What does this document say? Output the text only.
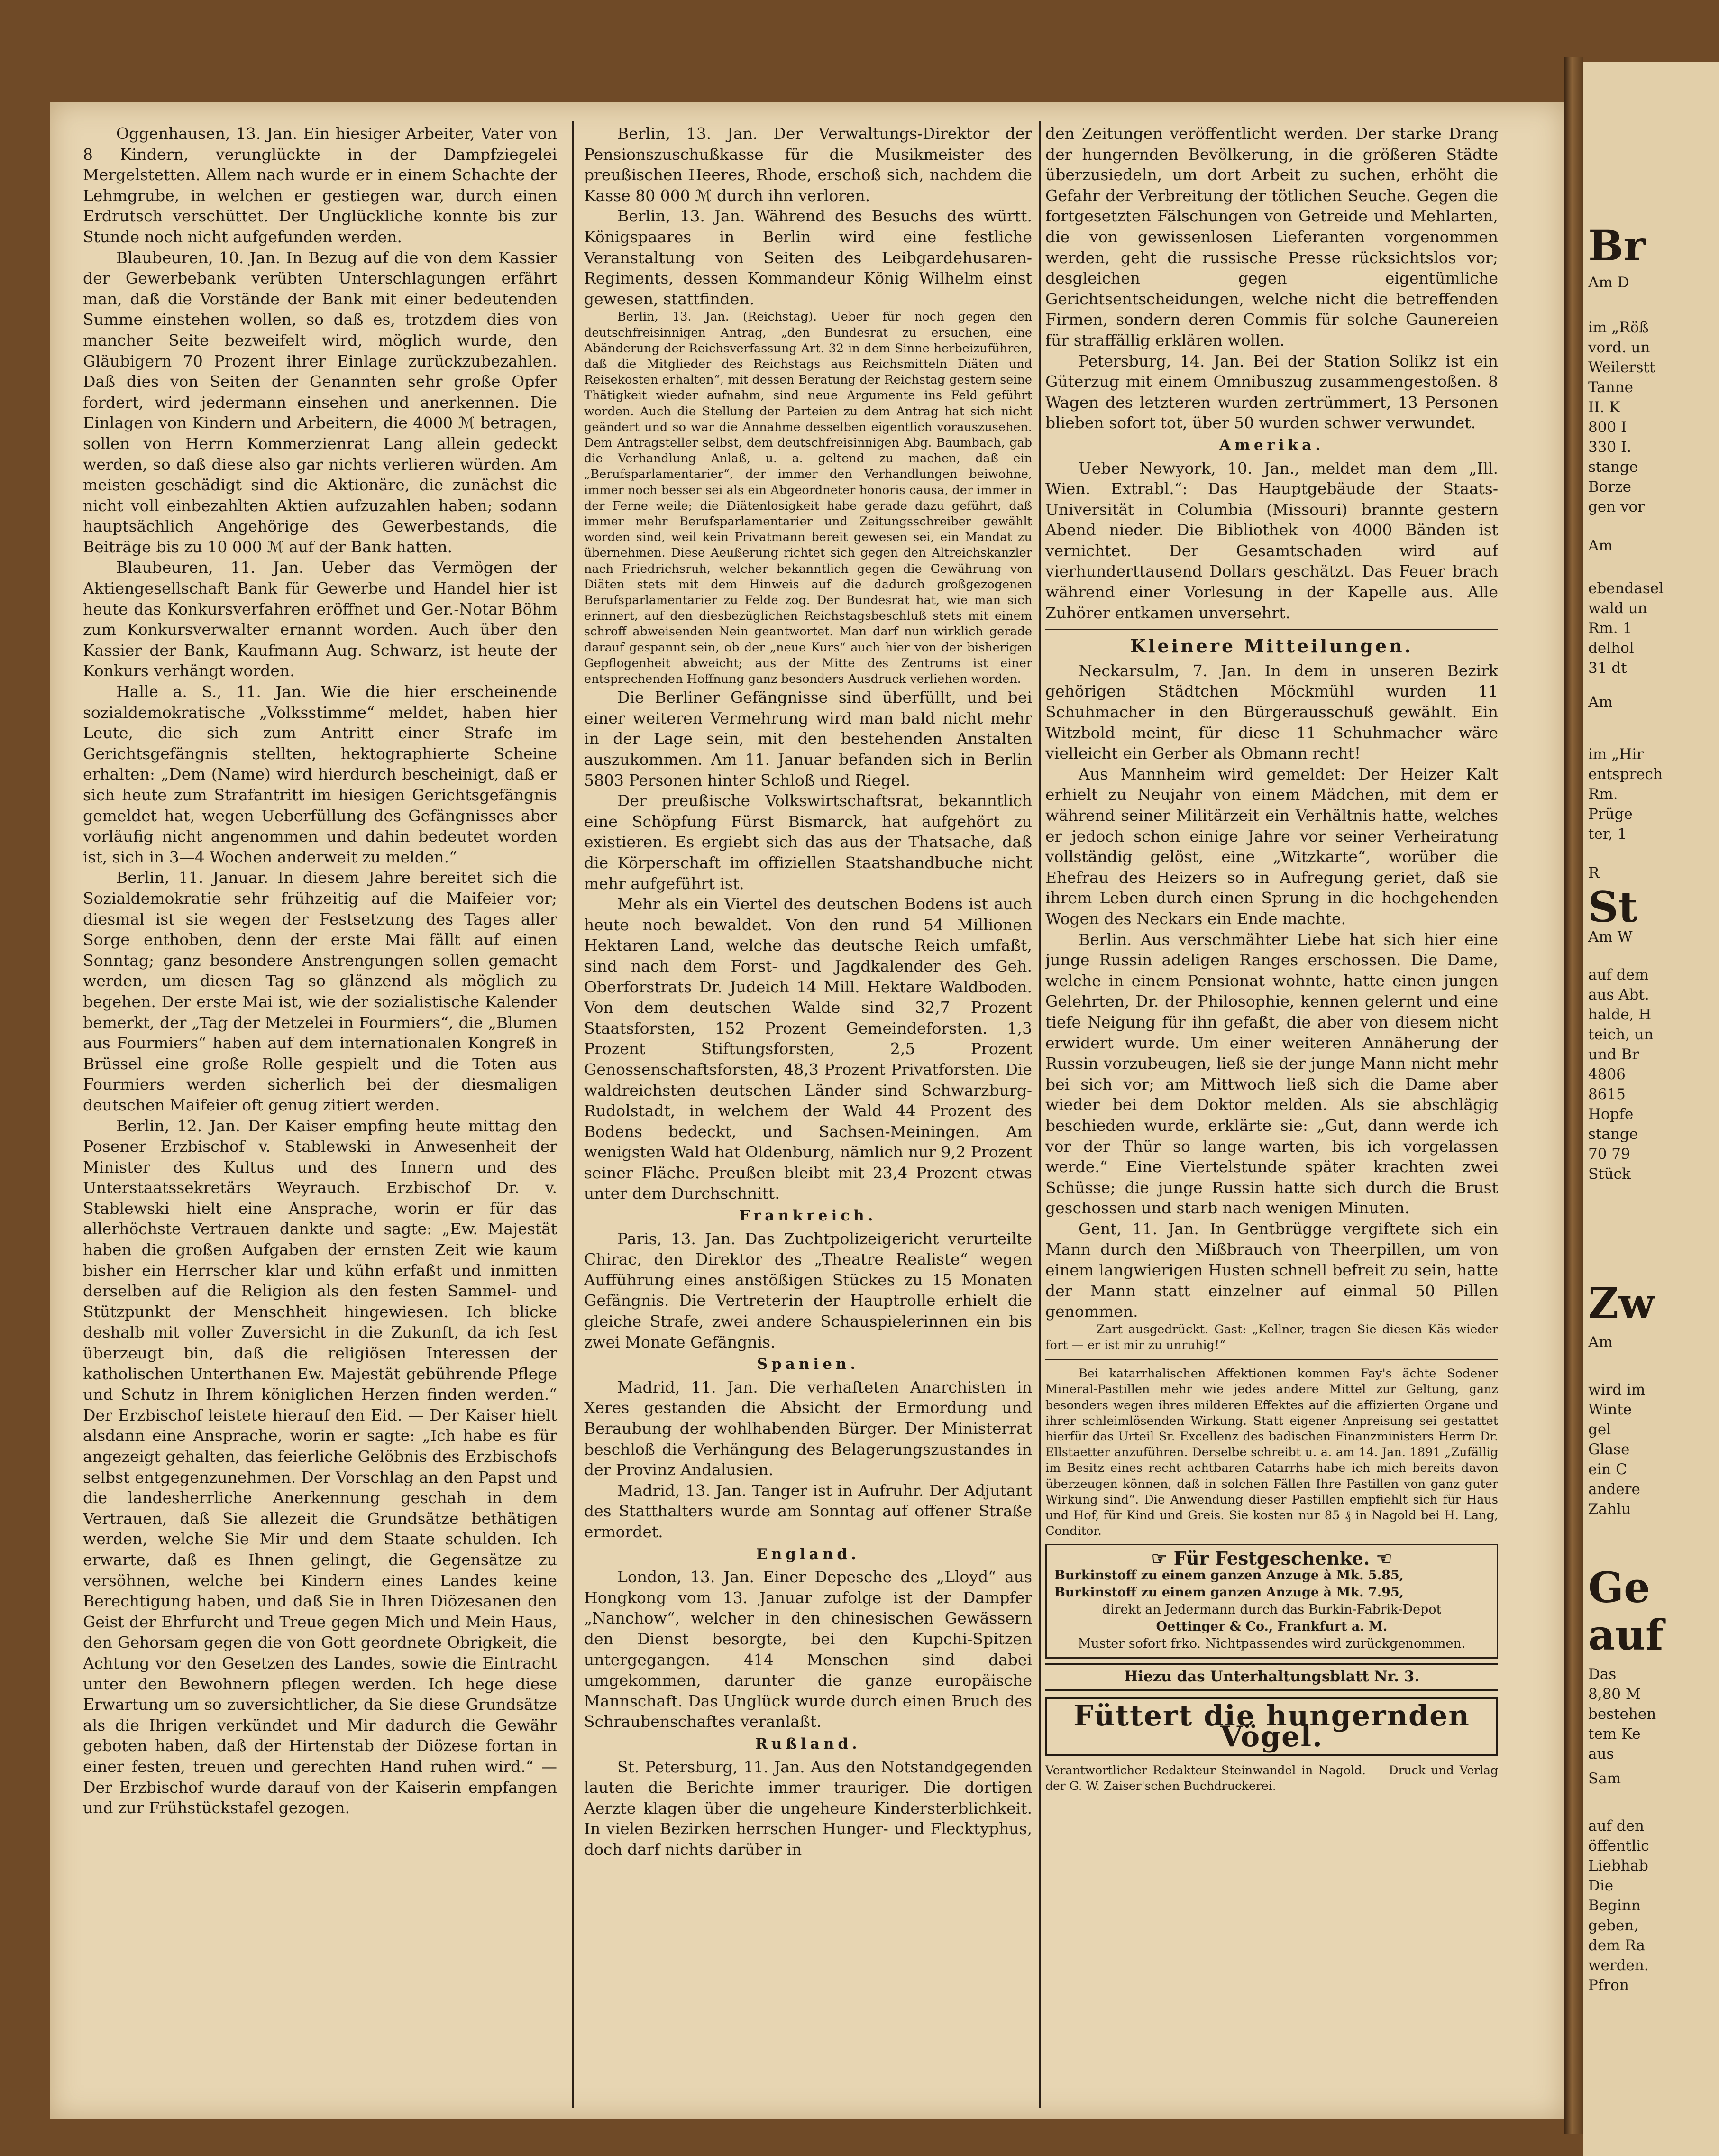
Oggenhausen, 13. Jan. Ein hiesiger Arbeiter, Vater von 8 Kindern, verunglückte in der Dampfziegelei Mergelstetten. Allem nach wurde er in einem Schachte der Lehmgrube, in welchen er gestiegen war, durch einen Erdrutsch verschüttet. Der Unglückliche konnte bis zur Stunde noch nicht aufgefunden werden.

Blaubeuren, 10. Jan. In Bezug auf die von dem Kassier der Gewerbebank verübten Unterschlagungen erfährt man, daß die Vorstände der Bank mit einer bedeutenden Summe einstehen wollen, so daß es, trotzdem dies von mancher Seite bezweifelt wird, möglich wurde, den Gläubigern 70 Prozent ihrer Einlage zurückzubezahlen. Daß dies von Seiten der Genannten sehr große Opfer fordert, wird jedermann einsehen und anerkennen. Die Einlagen von Kindern und Arbeitern, die 4000 ℳ betragen, sollen von Herrn Kommerzienrat Lang allein gedeckt werden, so daß diese also gar nichts verlieren würden. Am meisten geschädigt sind die Aktionäre, die zunächst die nicht voll einbezahlten Aktien aufzuzahlen haben; sodann hauptsächlich Angehörige des Gewerbestands, die Beiträge bis zu 10 000 ℳ auf der Bank hatten.

Blaubeuren, 11. Jan. Ueber das Vermögen der Aktiengesellschaft Bank für Gewerbe und Handel hier ist heute das Konkursverfahren eröffnet und Ger.-Notar Böhm zum Konkursverwalter ernannt worden. Auch über den Kassier der Bank, Kaufmann Aug. Schwarz, ist heute der Konkurs verhängt worden.

Halle a. S., 11. Jan. Wie die hier erscheinende sozialdemokratische „Volksstimme“ meldet, haben hier Leute, die sich zum Antritt einer Strafe im Gerichtsgefängnis stellten, hektographierte Scheine erhalten: „Dem (Name) wird hierdurch bescheinigt, daß er sich heute zum Strafantritt im hiesigen Gerichtsgefängnis gemeldet hat, wegen Ueberfüllung des Gefängnisses aber vorläufig nicht angenommen und dahin bedeutet worden ist, sich in 3—4 Wochen anderweit zu melden.“

Berlin, 11. Januar. In diesem Jahre bereitet sich die Sozialdemokratie sehr frühzeitig auf die Maifeier vor; diesmal ist sie wegen der Festsetzung des Tages aller Sorge enthoben, denn der erste Mai fällt auf einen Sonntag; ganz besondere Anstrengungen sollen gemacht werden, um diesen Tag so glänzend als möglich zu begehen. Der erste Mai ist, wie der sozialistische Kalender bemerkt, der „Tag der Metzelei in Fourmiers“, die „Blumen aus Fourmiers“ haben auf dem internationalen Kongreß in Brüssel eine große Rolle gespielt und die Toten aus Fourmiers werden sicherlich bei der diesmaligen deutschen Maifeier oft genug zitiert werden.

Berlin, 12. Jan. Der Kaiser empfing heute mittag den Posener Erzbischof v. Stablewski in Anwesenheit der Minister des Kultus und des Innern und des Unterstaatssekretärs Weyrauch. Erzbischof Dr. v. Stablewski hielt eine Ansprache, worin er für das allerhöchste Vertrauen dankte und sagte: „Ew. Majestät haben die großen Aufgaben der ernsten Zeit wie kaum bisher ein Herrscher klar und kühn erfaßt und inmitten derselben auf die Religion als den festen Sammel- und Stützpunkt der Menschheit hingewiesen. Ich blicke deshalb mit voller Zuversicht in die Zukunft, da ich fest überzeugt bin, daß die religiösen Interessen der katholischen Unterthanen Ew. Majestät gebührende Pflege und Schutz in Ihrem königlichen Herzen finden werden.“ Der Erzbischof leistete hierauf den Eid. — Der Kaiser hielt alsdann eine Ansprache, worin er sagte: „Ich habe es für angezeigt gehalten, das feierliche Gelöbnis des Erzbischofs selbst entgegenzunehmen. Der Vorschlag an den Papst und die landesherrliche Anerkennung geschah in dem Vertrauen, daß Sie allezeit die Grundsätze bethätigen werden, welche Sie Mir und dem Staate schulden. Ich erwarte, daß es Ihnen gelingt, die Gegensätze zu versöhnen, welche bei Kindern eines Landes keine Berechtigung haben, und daß Sie in Ihren Diözesanen den Geist der Ehrfurcht und Treue gegen Mich und Mein Haus, den Gehorsam gegen die von Gott geordnete Obrigkeit, die Achtung vor den Gesetzen des Landes, sowie die Eintracht unter den Bewohnern pflegen werden. Ich hege diese Erwartung um so zuversichtlicher, da Sie diese Grundsätze als die Ihrigen verkündet und Mir dadurch die Gewähr geboten haben, daß der Hirtenstab der Diözese fortan in einer festen, treuen und gerechten Hand ruhen wird.“ — Der Erzbischof wurde darauf von der Kaiserin empfangen und zur Frühstückstafel gezogen.

Berlin, 13. Jan. Der Verwaltungs-Direktor der Pensionszuschußkasse für die Musikmeister des preußischen Heeres, Rhode, erschoß sich, nachdem die Kasse 80 000 ℳ durch ihn verloren.

Berlin, 13. Jan. Während des Besuchs des württ. Königspaares in Berlin wird eine festliche Veranstaltung von Seiten des Leibgardehusaren-Regiments, dessen Kommandeur König Wilhelm einst gewesen, stattfinden.

Berlin, 13. Jan. (Reichstag). Ueber für noch gegen den deutschfreisinnigen Antrag, „den Bundesrat zu ersuchen, eine Abänderung der Reichsverfassung Art. 32 in dem Sinne herbeizuführen, daß die Mitglieder des Reichstags aus Reichsmitteln Diäten und Reisekosten erhalten“, mit dessen Beratung der Reichstag gestern seine Thätigkeit wieder aufnahm, sind neue Argumente ins Feld geführt worden. Auch die Stellung der Parteien zu dem Antrag hat sich nicht geändert und so war die Annahme desselben eigentlich vorauszusehen. Dem Antragsteller selbst, dem deutschfreisinnigen Abg. Baumbach, gab die Verhandlung Anlaß, u. a. geltend zu machen, daß ein „Berufsparlamentarier“, der immer den Verhandlungen beiwohne, immer noch besser sei als ein Abgeordneter honoris causa, der immer in der Ferne weile; die Diätenlosigkeit habe gerade dazu geführt, daß immer mehr Berufsparlamentarier und Zeitungsschreiber gewählt worden sind, weil kein Privatmann bereit gewesen sei, ein Mandat zu übernehmen. Diese Aeußerung richtet sich gegen den Altreichskanzler nach Friedrichsruh, welcher bekanntlich gegen die Gewährung von Diäten stets mit dem Hinweis auf die dadurch großgezogenen Berufsparlamentarier zu Felde zog. Der Bundesrat hat, wie man sich erinnert, auf den diesbezüglichen Reichstagsbeschluß stets mit einem schroff abweisenden Nein geantwortet. Man darf nun wirklich gerade darauf gespannt sein, ob der „neue Kurs“ auch hier von der bisherigen Gepflogenheit abweicht; aus der Mitte des Zentrums ist einer entsprechenden Hoffnung ganz besonders Ausdruck verliehen worden.

Die Berliner Gefängnisse sind überfüllt, und bei einer weiteren Vermehrung wird man bald nicht mehr in der Lage sein, mit den bestehenden Anstalten auszukommen. Am 11. Januar befanden sich in Berlin 5803 Personen hinter Schloß und Riegel.

Der preußische Volkswirtschaftsrat, bekanntlich eine Schöpfung Fürst Bismarck, hat aufgehört zu existieren. Es ergiebt sich das aus der Thatsache, daß die Körperschaft im offiziellen Staatshandbuche nicht mehr aufgeführt ist.

Mehr als ein Viertel des deutschen Bodens ist auch heute noch bewaldet. Von den rund 54 Millionen Hektaren Land, welche das deutsche Reich umfaßt, sind nach dem Forst- und Jagdkalender des Geh. Oberforstrats Dr. Judeich 14 Mill. Hektare Waldboden. Von dem deutschen Walde sind 32,7 Prozent Staatsforsten, 152 Prozent Gemeindeforsten. 1,3 Prozent Stiftungsforsten, 2,5 Prozent Genossenschaftsforsten, 48,3 Prozent Privatforsten. Die waldreichsten deutschen Länder sind Schwarzburg-Rudolstadt, in welchem der Wald 44 Prozent des Bodens bedeckt, und Sachsen-Meiningen. Am wenigsten Wald hat Oldenburg, nämlich nur 9,2 Prozent seiner Fläche. Preußen bleibt mit 23,4 Prozent etwas unter dem Durchschnitt.

Frankreich.

Paris, 13. Jan. Das Zuchtpolizeigericht verurteilte Chirac, den Direktor des „Theatre Realiste“ wegen Aufführung eines anstößigen Stückes zu 15 Monaten Gefängnis. Die Vertreterin der Hauptrolle erhielt die gleiche Strafe, zwei andere Schauspielerinnen ein bis zwei Monate Gefängnis.

Spanien.

Madrid, 11. Jan. Die verhafteten Anarchisten in Xeres gestanden die Absicht der Ermordung und Beraubung der wohlhabenden Bürger. Der Ministerrat beschloß die Verhängung des Belagerungszustandes in der Provinz Andalusien.

Madrid, 13. Jan. Tanger ist in Aufruhr. Der Adjutant des Statthalters wurde am Sonntag auf offener Straße ermordet.

England.

London, 13. Jan. Einer Depesche des „Lloyd“ aus Hongkong vom 13. Januar zufolge ist der Dampfer „Nanchow“, welcher in den chinesischen Gewässern den Dienst besorgte, bei den Kupchi-Spitzen untergegangen. 414 Menschen sind dabei umgekommen, darunter die ganze europäische Mannschaft. Das Unglück wurde durch einen Bruch des Schraubenschaftes veranlaßt.

Rußland.

St. Petersburg, 11. Jan. Aus den Notstandgegenden lauten die Berichte immer trauriger. Die dortigen Aerzte klagen über die ungeheure Kindersterblichkeit. In vielen Bezirken herrschen Hunger- und Flecktyphus, doch darf nichts darüber in

den Zeitungen veröffentlicht werden. Der starke Drang der hungernden Bevölkerung, in die größeren Städte überzusiedeln, um dort Arbeit zu suchen, erhöht die Gefahr der Verbreitung der tötlichen Seuche. Gegen die fortgesetzten Fälschungen von Getreide und Mehlarten, die von gewissenlosen Lieferanten vorgenommen werden, geht die russische Presse rücksichtslos vor; desgleichen gegen eigentümliche Gerichtsentscheidungen, welche nicht die betreffenden Firmen, sondern deren Commis für solche Gaunereien für straffällig erklären wollen.

Petersburg, 14. Jan. Bei der Station Solikz ist ein Güterzug mit einem Omnibuszug zusammengestoßen. 8 Wagen des letzteren wurden zertrümmert, 13 Personen blieben sofort tot, über 50 wurden schwer verwundet.

Amerika.

Ueber Newyork, 10. Jan., meldet man dem „Ill. Wien. Extrabl.“: Das Hauptgebäude der Staats-Universität in Columbia (Missouri) brannte gestern Abend nieder. Die Bibliothek von 4000 Bänden ist vernichtet. Der Gesamtschaden wird auf vierhunderttausend Dollars geschätzt. Das Feuer brach während einer Vorlesung in der Kapelle aus. Alle Zuhörer entkamen unversehrt.

Kleinere Mitteilungen.

Neckarsulm, 7. Jan. In dem in unseren Bezirk gehörigen Städtchen Möckmühl wurden 11 Schuhmacher in den Bürgerausschuß gewählt. Ein Witzbold meint, für diese 11 Schuhmacher wäre vielleicht ein Gerber als Obmann recht!

Aus Mannheim wird gemeldet: Der Heizer Kalt erhielt zu Neujahr von einem Mädchen, mit dem er während seiner Militärzeit ein Verhältnis hatte, welches er jedoch schon einige Jahre vor seiner Verheiratung vollständig gelöst, eine „Witzkarte“, worüber die Ehefrau des Heizers so in Aufregung geriet, daß sie ihrem Leben durch einen Sprung in die hochgehenden Wogen des Neckars ein Ende machte.

Berlin. Aus verschmähter Liebe hat sich hier eine junge Russin adeligen Ranges erschossen. Die Dame, welche in einem Pensionat wohnte, hatte einen jungen Gelehrten, Dr. der Philosophie, kennen gelernt und eine tiefe Neigung für ihn gefaßt, die aber von diesem nicht erwidert wurde. Um einer weiteren Annäherung der Russin vorzubeugen, ließ sie der junge Mann nicht mehr bei sich vor; am Mittwoch ließ sich die Dame aber wieder bei dem Doktor melden. Als sie abschlägig beschieden wurde, erklärte sie: „Gut, dann werde ich vor der Thür so lange warten, bis ich vorgelassen werde.“ Eine Viertelstunde später krachten zwei Schüsse; die junge Russin hatte sich durch die Brust geschossen und starb nach wenigen Minuten.

Gent, 11. Jan. In Gentbrügge vergiftete sich ein Mann durch den Mißbrauch von Theerpillen, um von einem langwierigen Husten schnell befreit zu sein, hatte der Mann statt einzelner auf einmal 50 Pillen genommen.

— Zart ausgedrückt. Gast: „Kellner, tragen Sie diesen Käs wieder fort — er ist mir zu unruhig!“

Bei katarrhalischen Affektionen kommen Fay's ächte Sodener Mineral-Pastillen mehr wie jedes andere Mittel zur Geltung, ganz besonders wegen ihres milderen Effektes auf die affizierten Organe und ihrer schleimlösenden Wirkung. Statt eigener Anpreisung sei gestattet hierfür das Urteil Sr. Excellenz des badischen Finanzministers Herrn Dr. Ellstaetter anzuführen. Derselbe schreibt u. a. am 14. Jan. 1891 „Zufällig im Besitz eines recht achtbaren Catarrhs habe ich mich bereits davon überzeugen können, daß in solchen Fällen Ihre Pastillen von ganz guter Wirkung sind“. Die Anwendung dieser Pastillen empfiehlt sich für Haus und Hof, für Kind und Greis. Sie kosten nur 85 ₰ in Nagold bei H. Lang, Conditor.

☞ Für Festgeschenke. ☜

Burkinstoff zu einem ganzen Anzuge à Mk. 5.85,

Burkinstoff zu einem ganzen Anzuge à Mk. 7.95,

direkt an Jedermann durch das Burkin-Fabrik-Depot

Oettinger & Co., Frankfurt a. M.

Muster sofort frko. Nichtpassendes wird zurückgenommen.

Hiezu das Unterhaltungsblatt Nr. 3.

Füttert die hungernden Vögel.

Verantwortlicher Redakteur Steinwandel in Nagold. — Druck und Verlag der G. W. Zaiser'schen Buchdruckerei.

Br
Am D
im „Röß
vord. un
Weilerstt
Tanne
II. K
800 I
330 I.
stange
Borze
gen vor
Am
ebendasel
wald un
Rm. 1
delhol
31 dt
Am
im „Hir
entsprech
Rm.
Prüge
ter, 1
R
St
Am W
auf dem
aus Abt.
halde, H
teich, un
und Br
4806
8615
Hopfe
stange
70 79
Stück
Zw
Am
wird im
Winte
gel
Glase
ein C
andere
Zahlu
Ge
auf
Das
8,80 M
bestehen
tem Ke
aus
Sam
auf den
öffentlic
Liebhab
Die
Beginn
geben,
dem Ra
werden.
Pfron
